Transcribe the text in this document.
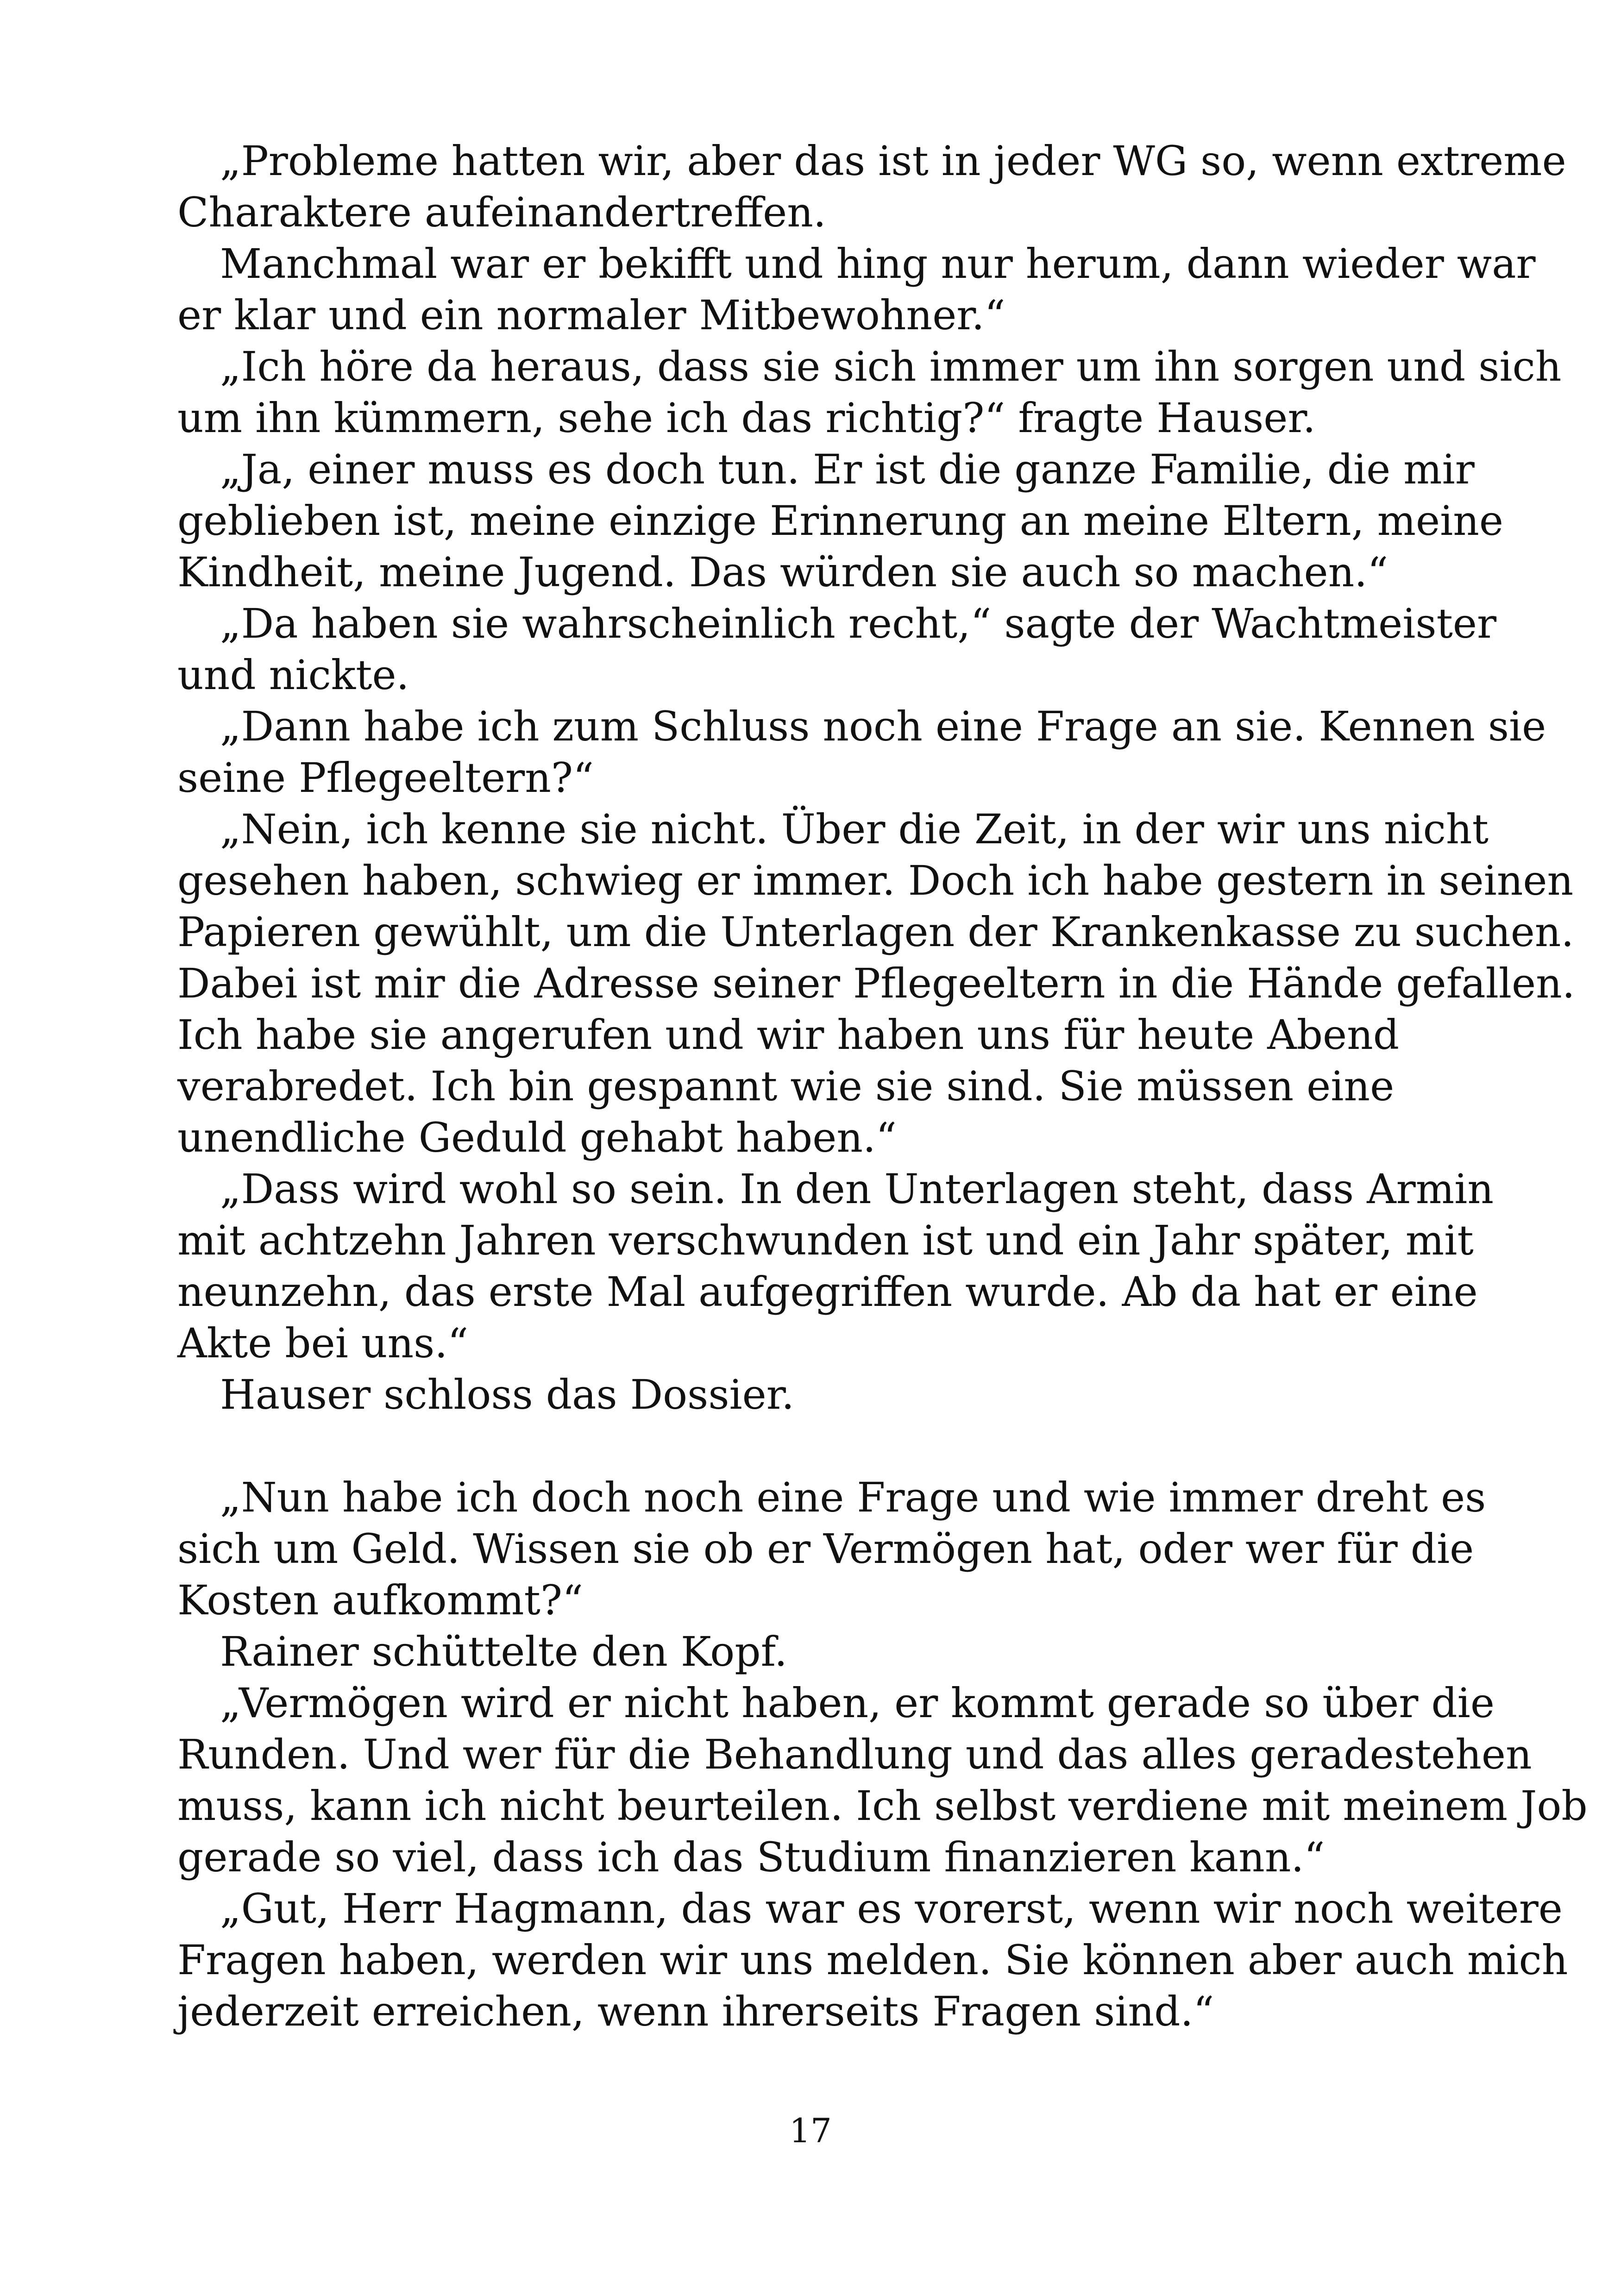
„Probleme hatten wir, aber das ist in jeder WG so, wenn extreme
Charaktere aufeinandertreffen.
Manchmal war er bekifft und hing nur herum, dann wieder war
er klar und ein normaler Mitbewohner.“
„Ich höre da heraus, dass sie sich immer um ihn sorgen und sich
um ihn kümmern, sehe ich das richtig?“ fragte Hauser.
„Ja, einer muss es doch tun. Er ist die ganze Familie, die mir
geblieben ist, meine einzige Erinnerung an meine Eltern, meine
Kindheit, meine Jugend. Das würden sie auch so machen.“
„Da haben sie wahrscheinlich recht,“ sagte der Wachtmeister
und nickte.
„Dann habe ich zum Schluss noch eine Frage an sie. Kennen sie
seine Pflegeeltern?“
„Nein, ich kenne sie nicht. Über die Zeit, in der wir uns nicht
gesehen haben, schwieg er immer. Doch ich habe gestern in seinen
Papieren gewühlt, um die Unterlagen der Krankenkasse zu suchen.
Dabei ist mir die Adresse seiner Pflegeeltern in die Hände gefallen.
Ich habe sie angerufen und wir haben uns für heute Abend
verabredet. Ich bin gespannt wie sie sind. Sie müssen eine
unendliche Geduld gehabt haben.“
„Dass wird wohl so sein. In den Unterlagen steht, dass Armin
mit achtzehn Jahren verschwunden ist und ein Jahr später, mit
neunzehn, das erste Mal aufgegriffen wurde. Ab da hat er eine
Akte bei uns.“
Hauser schloss das Dossier.
„Nun habe ich doch noch eine Frage und wie immer dreht es
sich um Geld. Wissen sie ob er Vermögen hat, oder wer für die
Kosten aufkommt?“
Rainer schüttelte den Kopf.
„Vermögen wird er nicht haben, er kommt gerade so über die
Runden. Und wer für die Behandlung und das alles geradestehen
muss, kann ich nicht beurteilen. Ich selbst verdiene mit meinem Job
gerade so viel, dass ich das Studium finanzieren kann.“
„Gut, Herr Hagmann, das war es vorerst, wenn wir noch weitere
Fragen haben, werden wir uns melden. Sie können aber auch mich
jederzeit erreichen, wenn ihrerseits Fragen sind.“
17
